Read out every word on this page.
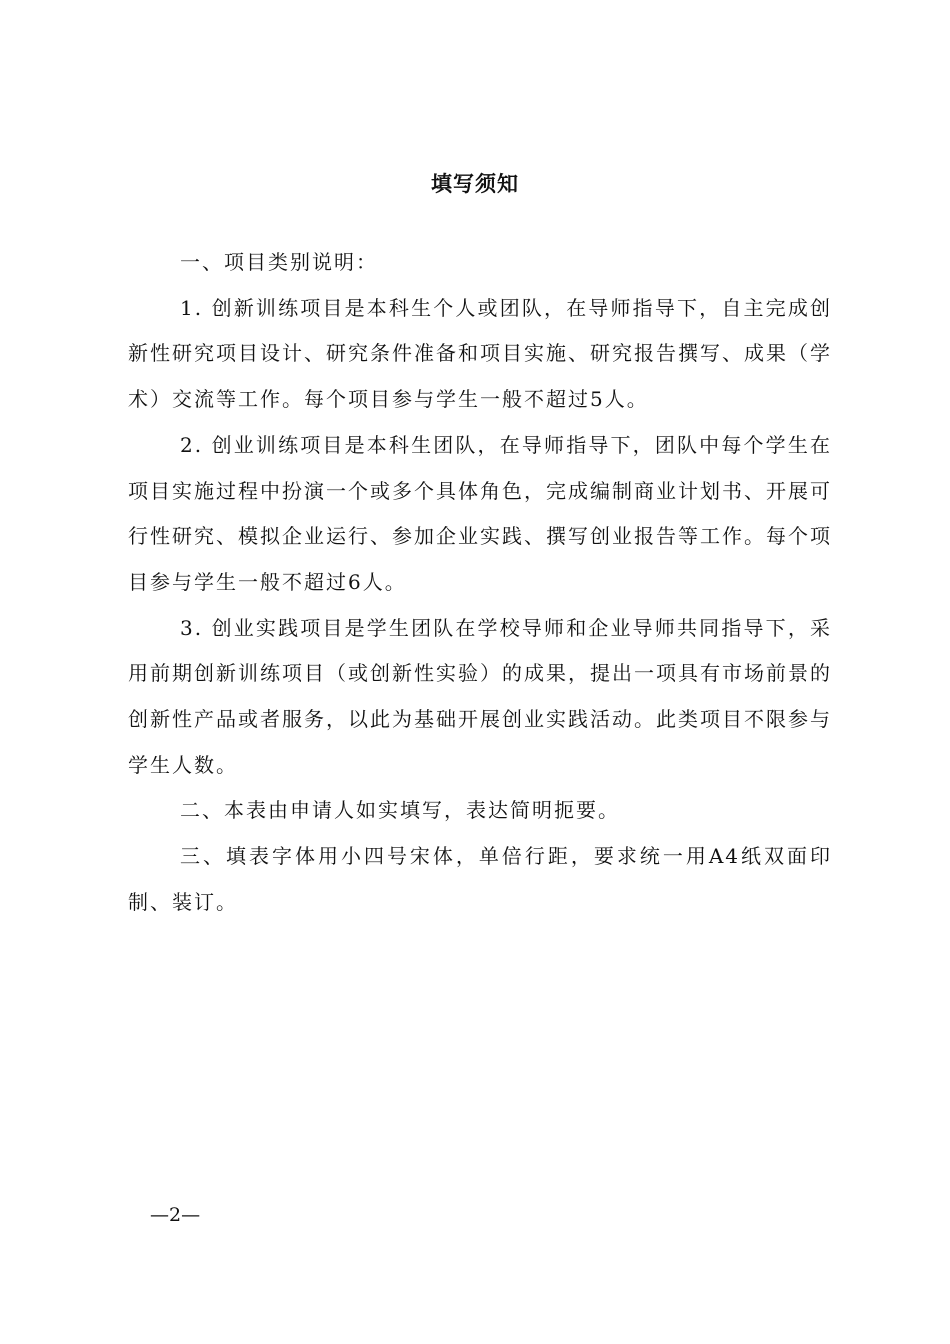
填写须知

一、项目类别说明：

1. 创新训练项目是本科生个人或团队，在导师指导下，自主完成创新性研究项目设计、研究条件准备和项目实施、研究报告撰写、成果（学术）交流等工作。每个项目参与学生一般不超过5人。

2. 创业训练项目是本科生团队，在导师指导下，团队中每个学生在项目实施过程中扮演一个或多个具体角色，完成编制商业计划书、开展可行性研究、模拟企业运行、参加企业实践、撰写创业报告等工作。每个项目参与学生一般不超过6人。

3. 创业实践项目是学生团队在学校导师和企业导师共同指导下，采用前期创新训练项目（或创新性实验）的成果，提出一项具有市场前景的创新性产品或者服务，以此为基础开展创业实践活动。此类项目不限参与学生人数。

二、本表由申请人如实填写，表达简明扼要。

三、填表字体用小四号宋体，单倍行距，要求统一用A4纸双面印制、装订。

—2—
